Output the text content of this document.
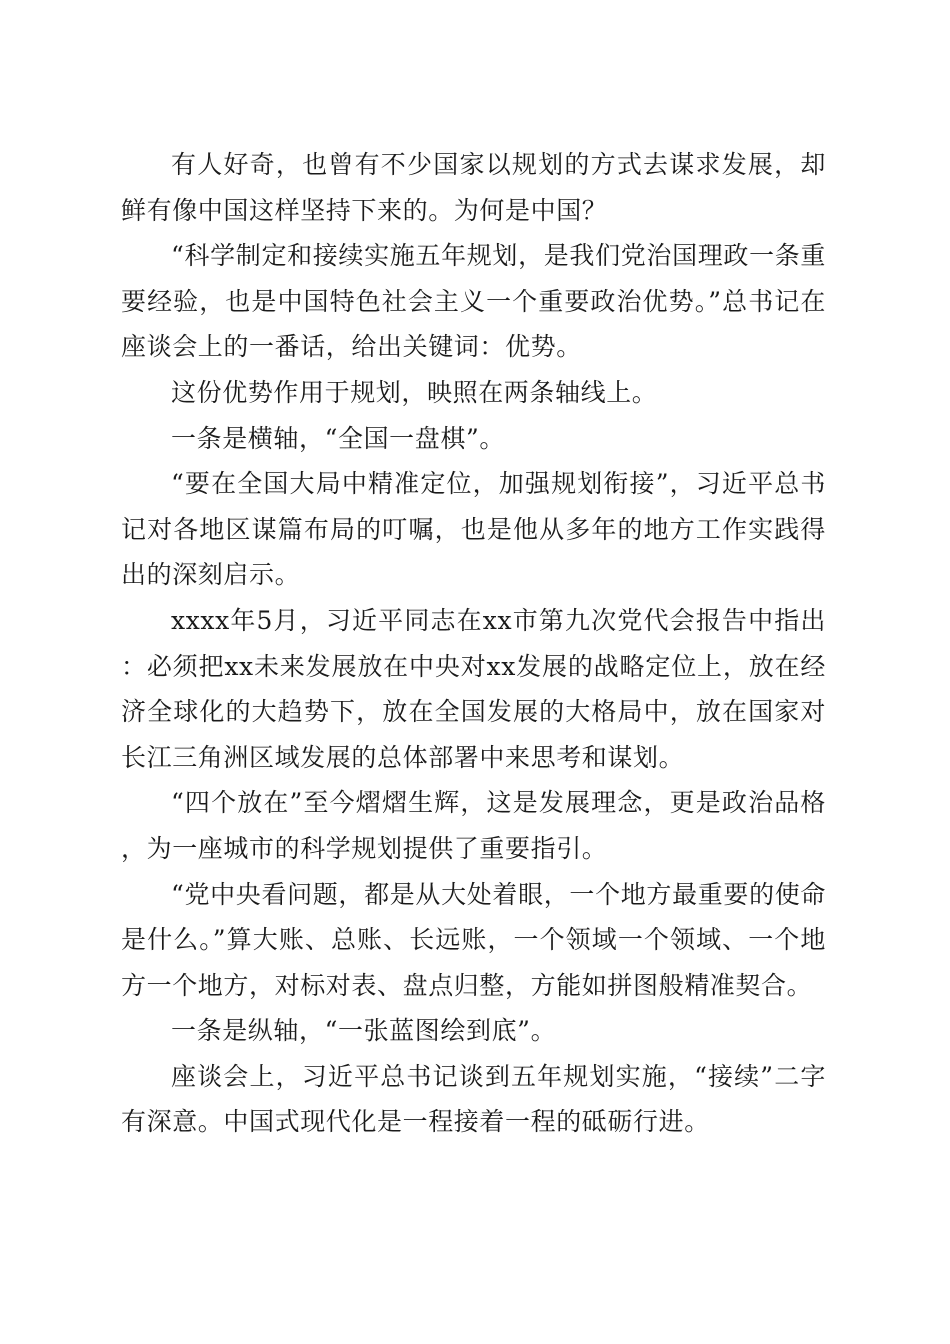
有人好奇，也曾有不少国家以规划的方式去谋求发展，却鲜有像中国这样坚持下来的。为何是中国？

“科学制定和接续实施五年规划，是我们党治国理政一条重要经验，也是中国特色社会主义一个重要政治优势。”总书记在座谈会上的一番话，给出关键词：优势。

这份优势作用于规划，映照在两条轴线上。

一条是横轴，“全国一盘棋”。

“要在全国大局中精准定位，加强规划衔接”，习近平总书记对各地区谋篇布局的叮嘱，也是他从多年的地方工作实践得出的深刻启示。

xxxx年5月，习近平同志在xx市第九次党代会报告中指出：必须把xx未来发展放在中央对xx发展的战略定位上，放在经济全球化的大趋势下，放在全国发展的大格局中，放在国家对长江三角洲区域发展的总体部署中来思考和谋划。

“四个放在”至今熠熠生辉，这是发展理念，更是政治品格，为一座城市的科学规划提供了重要指引。

“党中央看问题，都是从大处着眼，一个地方最重要的使命是什么。”算大账、总账、长远账，一个领域一个领域、一个地方一个地方，对标对表、盘点归整，方能如拼图般精准契合。

一条是纵轴，“一张蓝图绘到底”。

座谈会上，习近平总书记谈到五年规划实施，“接续”二字有深意。中国式现代化是一程接着一程的砥砺行进。
